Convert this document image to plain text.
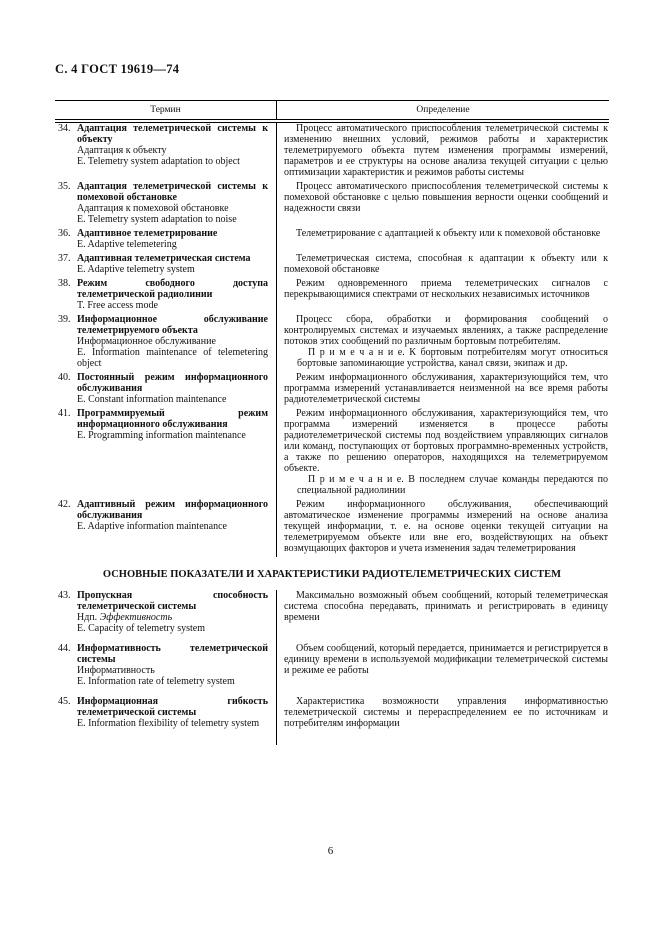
С. 4 ГОСТ 19619—74
Термин	Определение
34. Адаптация телеметрической системы к объекту
Адаптация к объекту
E. Telemetry system adaptation to object
Процесс автоматического приспособления телеметрической системы к изменению внешних условий, режимов работы и характеристик телеметрируемого объекта путем изменения программы измерений, параметров и ее структуры на основе анализа текущей ситуации с целью оптимизации характеристик и режимов работы системы
35. Адаптация телеметрической системы к помеховой обстановке
Адаптация к помеховой обстановке
E. Telemetry system adaptation to noise
Процесс автоматического приспособления телеметрической системы к помеховой обстановке с целью повышения верности оценки сообщений и надежности связи
36. Адаптивное телеметрирование
E. Adaptive telemetering
Телеметрирование с адаптацией к объекту или к помеховой обстановке
37. Адаптивная телеметрическая система
E. Adaptive telemetry system
Телеметрическая система, способная к адаптации к объекту или к помеховой обстановке
38. Режим свободного доступа телеметрической радиолинии
T. Free access mode
Режим одновременного приема телеметрических сигналов с перекрывающимися спектрами от нескольких независимых источников
39. Информационное обслуживание телеметрируемого объекта
Информационное обслуживание
E. Information maintenance of telemetering object
Процесс сбора, обработки и формирования сообщений о контролируемых системах и изучаемых явлениях, а также распределение потоков этих сообщений по различным бортовым потребителям.
П р и м е ч а н и е. К бортовым потребителям могут относиться бортовые запоминающие устройства, канал связи, экипаж и др.
40. Постоянный режим информационного обслуживания
E. Constant information maintenance
Режим информационного обслуживания, характеризующийся тем, что программа измерений устанавливается неизменной на все время работы радиотелеметрической системы
41. Программируемый режим информационного обслуживания
E. Programming information maintenance
Режим информационного обслуживания, характеризующийся тем, что программа измерений изменяется в процессе работы радиотелеметрической системы под воздействием управляющих сигналов или команд, поступающих от бортовых программно-временных устройств, а также по решению операторов, находящихся на телеметрируемом объекте.
П р и м е ч а н и е. В последнем случае команды передаются по специальной радиолинии
42. Адаптивный режим информационного обслуживания
E. Adaptive information maintenance
Режим информационного обслуживания, обеспечивающий автоматическое изменение программы измерений на основе анализа текущей информации, т. е. на основе оценки текущей ситуации на телеметрируемом объекте или вне его, воздействующих на объект возмущающих факторов и учета изменения задач телеметрирования
ОСНОВНЫЕ ПОКАЗАТЕЛИ И ХАРАКТЕРИСТИКИ РАДИОТЕЛЕМЕТРИЧЕСКИХ СИСТЕМ
43. Пропускная способность телеметрической системы
Ндп. Эффективность
E. Capacity of telemetry system
Максимально возможный объем сообщений, который телеметрическая система способна передавать, принимать и регистрировать в единицу времени
44. Информативность телеметрической системы
Информативность
E. Information rate of telemetry system
Объем сообщений, который передается, принимается и регистрируется в единицу времени в используемой модификации телеметрической системы и режиме ее работы
45. Информационная гибкость телеметрической системы
E. Information flexibility of telemetry system
Характеристика возможности управления информативностью телеметрической системы и перераспределением ее по источникам и потребителям информации
6
